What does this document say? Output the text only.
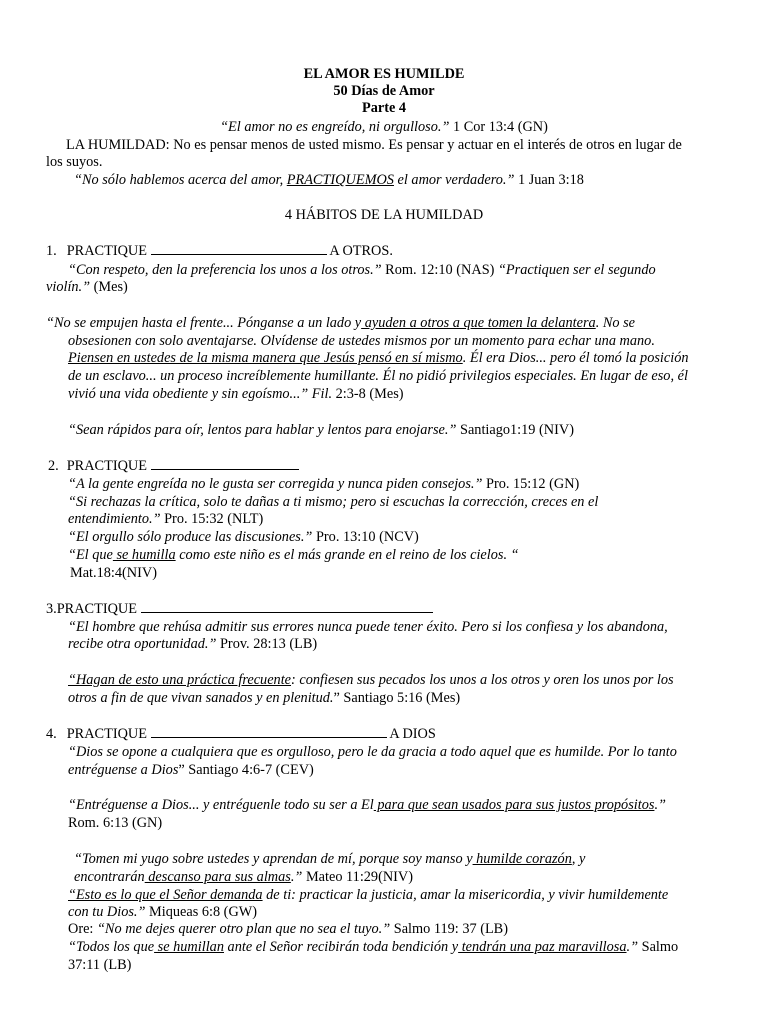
EL AMOR ES HUMILDE
50 Días de Amor
Parte 4
“El amor no es engreído, ni orgulloso.” 1 Cor 13:4 (GN)
LA HUMILDAD: No es pensar menos de usted mismo. Es pensar y actuar en el interés de otros en lugar de
los suyos.
“No sólo hablemos acerca del amor, PRACTIQUEMOS el amor verdadero.” 1 Juan 3:18
4 HÁBITOS DE LA HUMILDAD
1. PRACTIQUE	A OTROS.
“Con respeto, den la preferencia los unos a los otros.” Rom. 12:10 (NAS) “Practiquen ser el segundo
violín.” (Mes)
“No se empujen hasta el frente... Pónganse a un lado y ayuden a otros a que tomen la delantera. No se
obsesionen con solo aventajarse. Olvídense de ustedes mismos por un momento para echar una mano.
Piensen en ustedes de la misma manera que Jesús pensó en sí mismo. Él era Dios... pero él tomó la posición
de un esclavo... un proceso increíblemente humillante. Él no pidió privilegios especiales. En lugar de eso, él
vivió una vida obediente y sin egoísmo...” Fil. 2:3-8 (Mes)
“Sean rápidos para oír, lentos para hablar y lentos para enojarse.” Santiago1:19 (NIV)
2. PRACTIQUE
“A la gente engreída no le gusta ser corregida y nunca piden consejos.” Pro. 15:12 (GN)
“Si rechazas la crítica, solo te dañas a ti mismo; pero si escuchas la corrección, creces en el
entendimiento.” Pro. 15:32 (NLT)
“El orgullo sólo produce las discusiones.” Pro. 13:10 (NCV)
“El que se humilla como este niño es el más grande en el reino de los cielos. “
Mat.18:4(NIV)
3.PRACTIQUE
“El hombre que rehúsa admitir sus errores nunca puede tener éxito. Pero si los confiesa y los abandona,
recibe otra oportunidad.” Prov. 28:13 (LB)
“Hagan de esto una práctica frecuente: confiesen sus pecados los unos a los otros y oren los unos por los
otros a fin de que vivan sanados y en plenitud.” Santiago 5:16 (Mes)
4. PRACTIQUE	A DIOS
“Dios se opone a cualquiera que es orgulloso, pero le da gracia a todo aquel que es humilde. Por lo tanto
entréguense a Dios” Santiago 4:6-7 (CEV)
“Entréguense a Dios... y entréguenle todo su ser a El para que sean usados para sus justos propósitos.”
Rom. 6:13 (GN)
“Tomen mi yugo sobre ustedes y aprendan de mí, porque soy manso y humilde corazón, y
encontrarán descanso para sus almas.” Mateo 11:29(NIV)
“Esto es lo que el Señor demanda de ti: practicar la justicia, amar la misericordia, y vivir humildemente
con tu Dios.” Miqueas 6:8 (GW)
Ore: “No me dejes querer otro plan que no sea el tuyo.” Salmo 119: 37 (LB)
“Todos los que se humillan ante el Señor recibirán toda bendición y tendrán una paz maravillosa.” Salmo
37:11 (LB)
